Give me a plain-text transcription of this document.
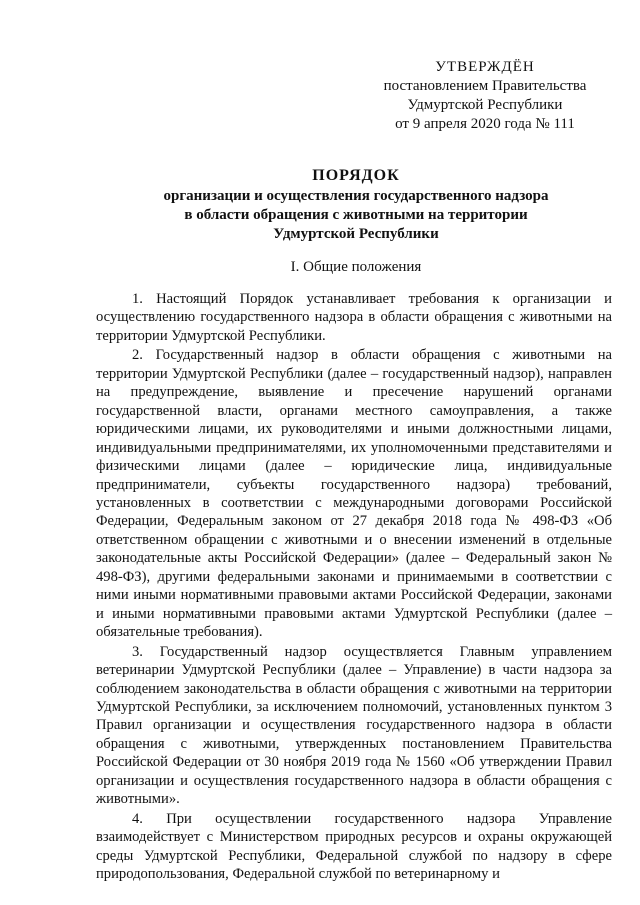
УТВЕРЖДЁН
постановлением Правительства
Удмуртской Республики
от 9 апреля 2020 года № 111
ПОРЯДОК
организации и осуществления государственного надзора
в области обращения с животными на территории
Удмуртской Республики
I. Общие положения

1. Настоящий Порядок устанавливает требования к организации и осуществлению государственного надзора в области обращения с животными на территории Удмуртской Республики.

2. Государственный надзор в области обращения с животными на территории Удмуртской Республики (далее – государственный надзор), направлен на предупреждение, выявление и пресечение нарушений органами государственной власти, органами местного самоуправления, а также юридическими лицами, их руководителями и иными должностными лицами, индивидуальными предпринимателями, их уполномоченными представителями и физическими лицами (далее – юридические лица, индивидуальные предприниматели, субъекты государственного надзора) требований, установленных в соответствии с международными договорами Российской Федерации, Федеральным законом от 27 декабря 2018 года № 498-ФЗ «Об ответственном обращении с животными и о внесении изменений в отдельные законодательные акты Российской Федерации» (далее – Федеральный закон № 498-ФЗ), другими федеральными законами и принимаемыми в соответствии с ними иными нормативными правовыми актами Российской Федерации, законами и иными нормативными правовыми актами Удмуртской Республики (далее – обязательные требования).

3. Государственный надзор осуществляется Главным управлением ветеринарии Удмуртской Республики (далее – Управление) в части надзора за соблюдением законодательства в области обращения с животными на территории Удмуртской Республики, за исключением полномочий, установленных пунктом 3 Правил организации и осуществления государственного надзора в области обращения с животными, утвержденных постановлением Правительства Российской Федерации от 30 ноября 2019 года № 1560 «Об утверждении Правил организации и осуществления государственного надзора в области обращения с животными».

4. При осуществлении государственного надзора Управление взаимодействует с Министерством природных ресурсов и охраны окружающей среды Удмуртской Республики, Федеральной службой по надзору в сфере природопользования, Федеральной службой по ветеринарному и
